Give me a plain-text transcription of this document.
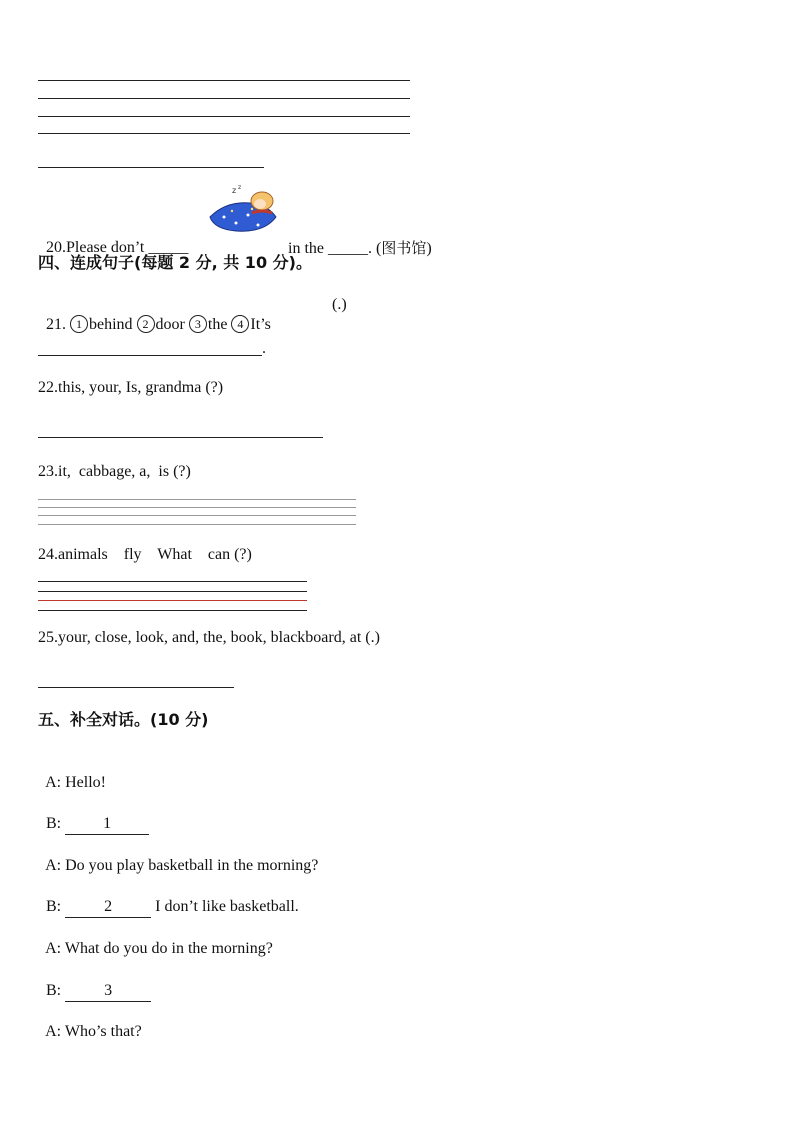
20.Please don’t _____

z z

in the _____. (图书馆)

四、连成句子(每题 2 分, 共 10 分)。

21. 1 behind 2 door 3 the 4 It’s

(.)
.
22.this, your, Is, grandma (?)
23.it,  cabbage, a,  is (?)
24.animals    fly    What    can (?)
25.your, close, look, and, the, book, blackboard, at (.)
五、补全对话。(10 分)

A: Hello!

B:	1

A: Do you play basketball in the morning?

B:	2 I don’t like basketball.

A: What do you do in the morning?

B:	3

A: Who’s that?
